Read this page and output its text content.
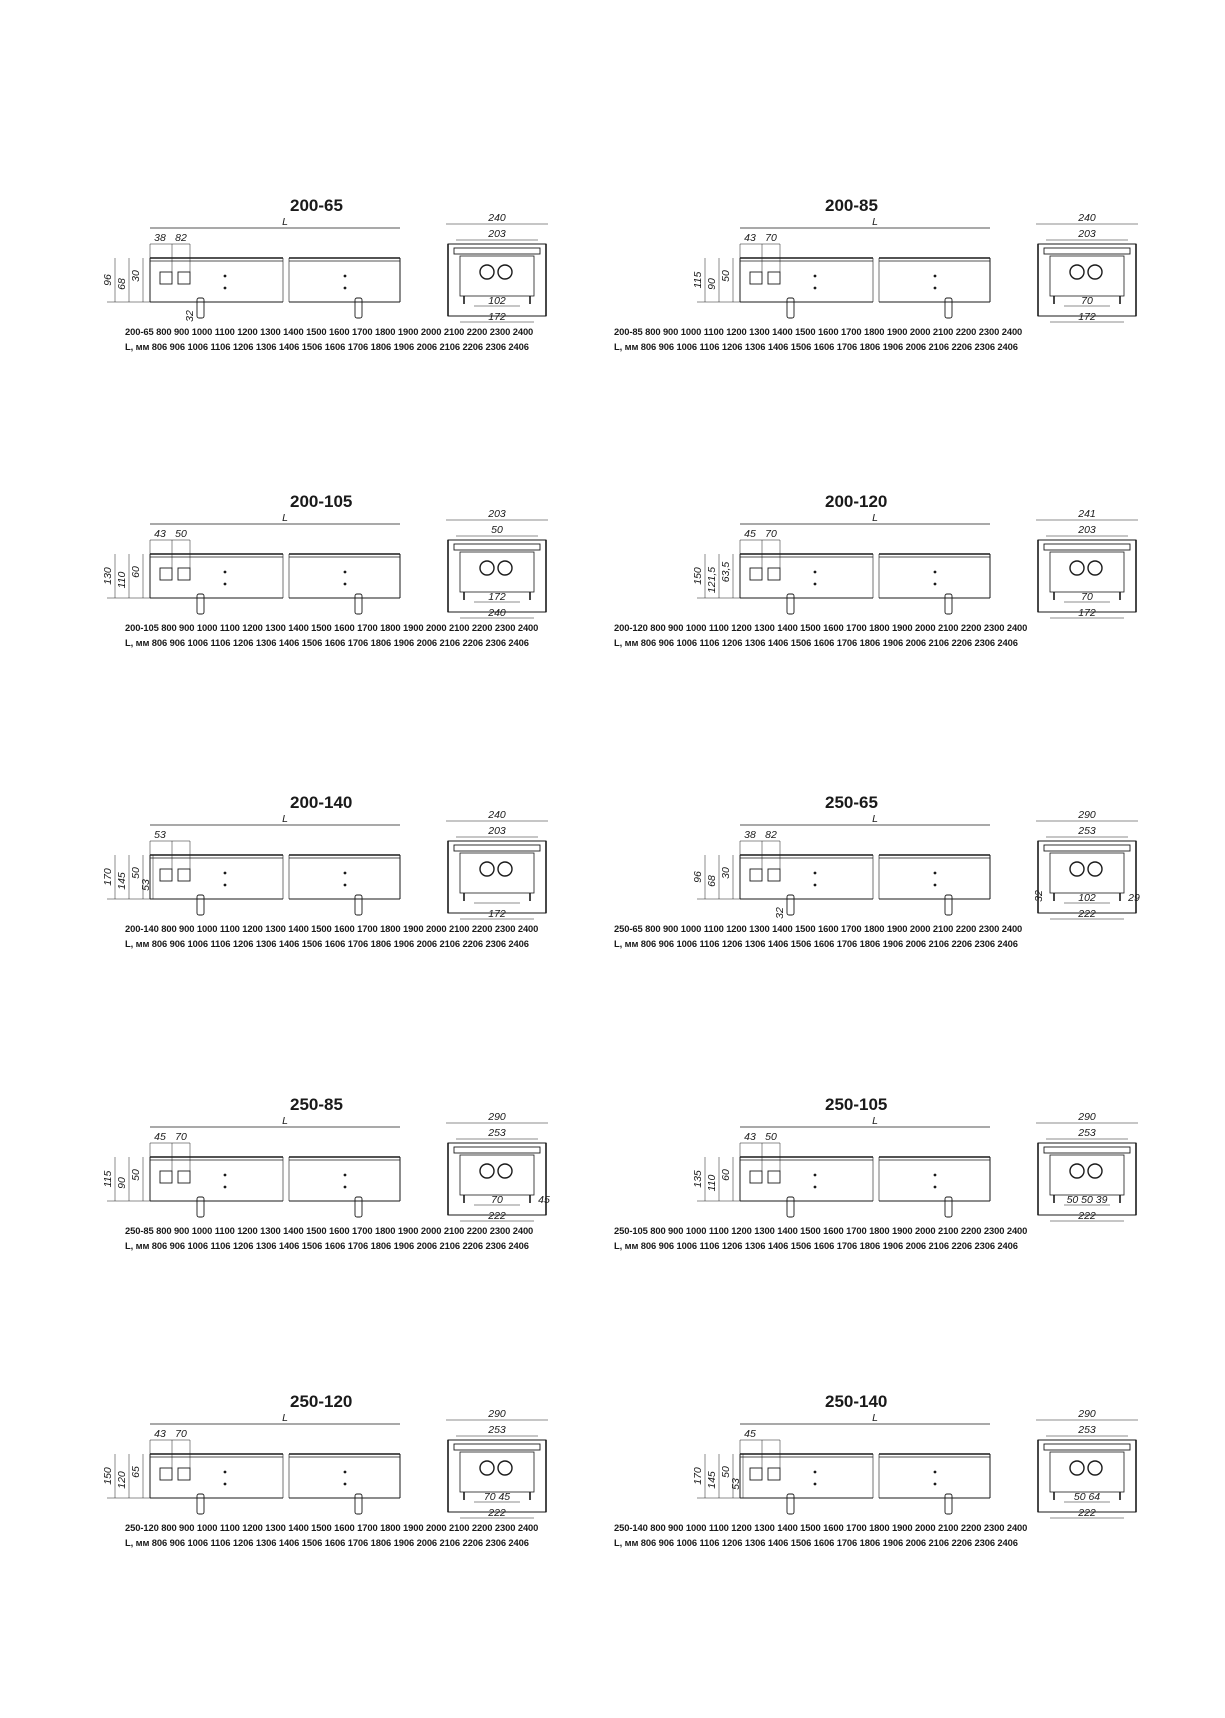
200-65
L
38 82
96 68
30
32
240
203
102
172
200-65 800 900 1000 1100 1200 1300 1400 1500 1600 1700 1800 1900 2000 2100 2200 2300 2400
L, мм 806 906 1006 1106 1206 1306 1406 1506 1606 1706 1806 1906 2006 2106 2206 2306 2406
200-85
L
43 70
115 90
50
240
203
70
172
200-85 800 900 1000 1100 1200 1300 1400 1500 1600 1700 1800 1900 2000 2100 2200 2300 2400
L, мм 806 906 1006 1106 1206 1306 1406 1506 1606 1706 1806 1906 2006 2106 2206 2306 2406
200-105
L
43 50
130 110 60
203
50
172
240
200-105 800 900 1000 1100 1200 1300 1400 1500 1600 1700 1800 1900 2000 2100 2200 2300 2400
L, мм 806 906 1006 1106 1206 1306 1406 1506 1606 1706 1806 1906 2006 2106 2206 2306 2406
200-120
L
45 70
150 121,5 63,5
241
203
70
172
200-120 800 900 1000 1100 1200 1300 1400 1500 1600 1700 1800 1900 2000 2100 2200 2300 2400
L, мм 806 906 1006 1106 1206 1306 1406 1506 1606 1706 1806 1906 2006 2106 2206 2306 2406
200-140
L
53
170 145 50
53
240
203
172
200-140 800 900 1000 1100 1200 1300 1400 1500 1600 1700 1800 1900 2000 2100 2200 2300 2400
L, мм 806 906 1006 1106 1206 1306 1406 1506 1606 1706 1806 1906 2006 2106 2206 2306 2406
250-65
L
38 82
96 68
30
32
290
253
102
222
29
32
250-65 800 900 1000 1100 1200 1300 1400 1500 1600 1700 1800 1900 2000 2100 2200 2300 2400
L, мм 806 906 1006 1106 1206 1306 1406 1506 1606 1706 1806 1906 2006 2106 2206 2306 2406
250-85
L
45 70
115 90
50
290
253
70
222
45
250-85 800 900 1000 1100 1200 1300 1400 1500 1600 1700 1800 1900 2000 2100 2200 2300 2400
L, мм 806 906 1006 1106 1206 1306 1406 1506 1606 1706 1806 1906 2006 2106 2206 2306 2406
250-105
L
43 50
135 110 60
290
253
50 50 39
222
250-105 800 900 1000 1100 1200 1300 1400 1500 1600 1700 1800 1900 2000 2100 2200 2300 2400
L, мм 806 906 1006 1106 1206 1306 1406 1506 1606 1706 1806 1906 2006 2106 2206 2306 2406
250-120
L
43 70
150 120 65
290
253
70 45
222
250-120 800 900 1000 1100 1200 1300 1400 1500 1600 1700 1800 1900 2000 2100 2200 2300 2400
L, мм 806 906 1006 1106 1206 1306 1406 1506 1606 1706 1806 1906 2006 2106 2206 2306 2406
250-140
L
45
170 145 50
53
290
253
50 64
222
250-140 800 900 1000 1100 1200 1300 1400 1500 1600 1700 1800 1900 2000 2100 2200 2300 2400
L, мм 806 906 1006 1106 1206 1306 1406 1506 1606 1706 1806 1906 2006 2106 2206 2306 2406
